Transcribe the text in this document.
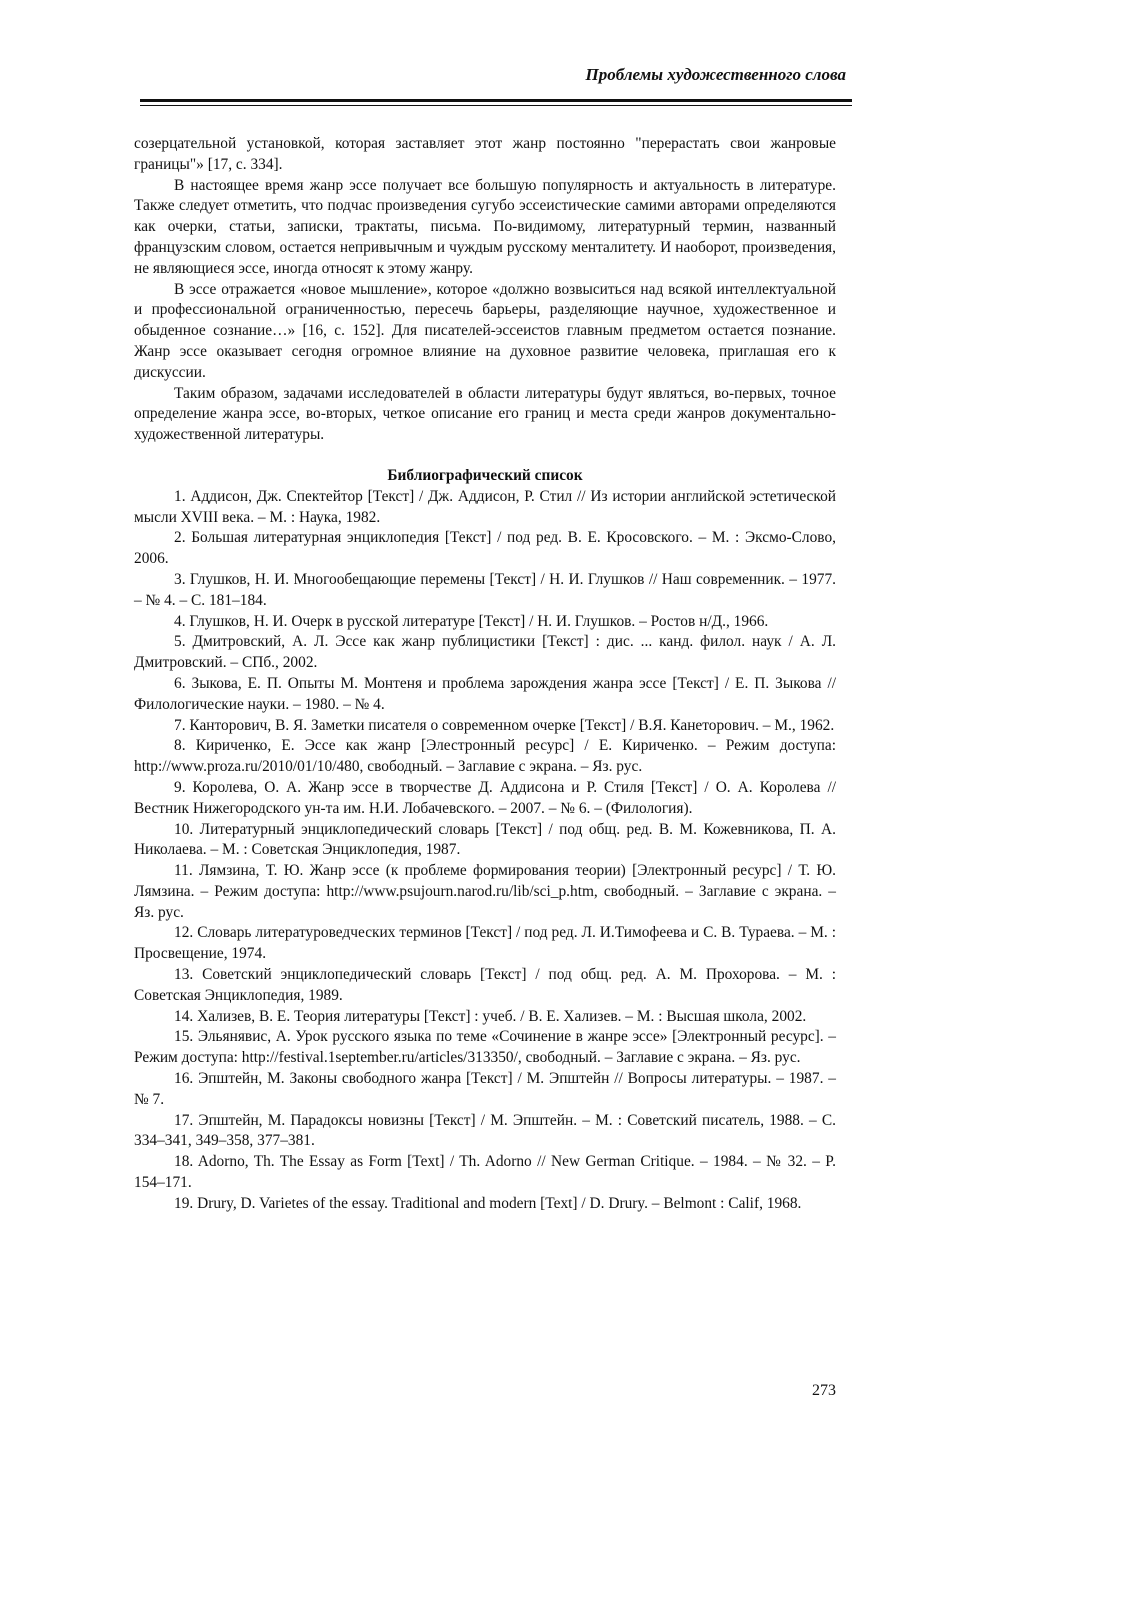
Проблемы художественного слова

созерцательной установкой, которая заставляет этот жанр постоянно "перерастать свои жанровые границы"» [17, с. 334].

В настоящее время жанр эссе получает все большую популярность и актуальность в литературе. Также следует отметить, что подчас произведения сугубо эссеистические самими авторами определяются как очерки, статьи, записки, трактаты, письма. По-видимому, литературный термин, названный французским словом, остается непривычным и чуждым русскому менталитету. И наоборот, произведения, не являющиеся эссе, иногда относят к этому жанру.

В эссе отражается «новое мышление», которое «должно возвыситься над всякой интеллектуальной и профессиональной ограниченностью, пересечь барьеры, разделяющие научное, художественное и обыденное сознание…» [16, с. 152]. Для писателей-эссеистов главным предметом остается познание. Жанр эссе оказывает сегодня огромное влияние на духовное развитие человека, приглашая его к дискуссии.

Таким образом, задачами исследователей в области литературы будут являться, во-первых, точное определение жанра эссе, во-вторых, четкое описание его границ и места среди жанров документально-художественной литературы.

Библиографический список
1. Аддисон, Дж. Спектейтор [Текст] / Дж. Аддисон, Р. Стил // Из истории английской эстетической мысли XVIII века. – М. : Наука, 1982.
2. Большая литературная энциклопедия [Текст] / под ред. В. Е. Кросовского. – М. : Эксмо-Слово, 2006.
3. Глушков, Н. И. Многообещающие перемены [Текст] / Н. И. Глушков // Наш современник. – 1977. – № 4. – С. 181–184.
4. Глушков, Н. И. Очерк в русской литературе [Текст] / Н. И. Глушков. – Ростов н/Д., 1966.
5. Дмитровский, А. Л. Эссе как жанр публицистики [Текст] : дис. ... канд. филол. наук / А. Л. Дмитровский. – СПб., 2002.
6. Зыкова, Е. П. Опыты М. Монтеня и проблема зарождения жанра эссе [Текст] / Е. П. Зыкова // Филологические науки. – 1980. – № 4.
7. Канторович, В. Я. Заметки писателя о современном очерке [Текст] / В.Я. Канеторович. – М., 1962.
8. Кириченко, Е. Эссе как жанр [Элестронный ресурс] / Е. Кириченко. – Режим доступа: http://www.proza.ru/2010/01/10/480, свободный. – Заглавие с экрана. – Яз. рус.
9. Королева, О. А. Жанр эссе в творчестве Д. Аддисона и Р. Стиля [Текст] / О. А. Королева // Вестник Нижегородского ун-та им. Н.И. Лобачевского. – 2007. – № 6. – (Филология).
10. Литературный энциклопедический словарь [Текст] / под общ. ред. В. М. Кожевникова, П. А. Николаева. – М. : Советская Энциклопедия, 1987.
11. Лямзина, Т. Ю. Жанр эссе (к проблеме формирования теории) [Электронный ресурс] / Т. Ю. Лямзина. – Режим доступа: http://www.psujourn.narod.ru/lib/sci_p.htm, свободный. – Заглавие с экрана. – Яз. рус.
12. Словарь литературоведческих терминов [Текст] / под ред. Л. И.Тимофеева и С. В. Тураева. – М. : Просвещение, 1974.
13. Советский энциклопедический словарь [Текст] / под общ. ред. А. М. Прохорова. – М. : Советская Энциклопедия, 1989.
14. Хализев, В. Е. Теория литературы [Текст] : учеб. / В. Е. Хализев. – М. : Высшая школа, 2002.
15. Эльянявис, А. Урок русского языка по теме «Сочинение в жанре эссе» [Электронный ресурс]. – Режим доступа: http://festival.1september.ru/articles/313350/, свободный. – Заглавие с экрана. – Яз. рус.
16. Эпштейн, М. Законы свободного жанра [Текст] / М. Эпштейн // Вопросы литературы. – 1987. – № 7.
17. Эпштейн, М. Парадоксы новизны [Текст] / М. Эпштейн. – М. : Советский писатель, 1988. – С. 334–341, 349–358, 377–381.
18. Adorno, Th. The Essay as Form [Text] / Th. Adorno // New German Critique. – 1984. – № 32. – P. 154–171.
19. Drury, D. Varietes of the essay. Traditional and modern [Text] / D. Drury. – Belmont : Calif, 1968.
273
